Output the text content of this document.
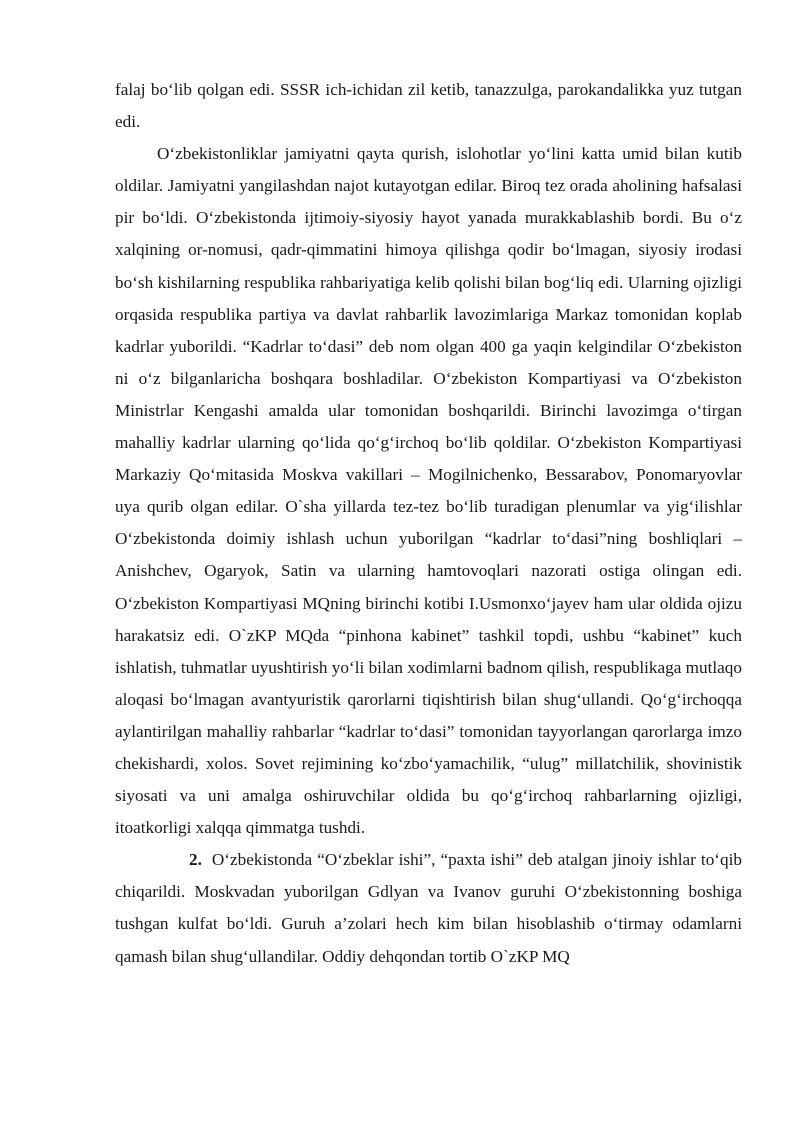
falaj bo‘lib qolgan edi. SSSR ich-ichidan zil ketib, tanazzulga, parokandalikka yuz tutgan edi.

O‘zbekistonliklar jamiyatni qayta qurish, islohotlar yo‘lini katta umid bilan kutib oldilar. Jamiyatni yangilashdan najot kutayotgan edilar. Biroq tez orada aholining hafsalasi pir bo‘ldi. O‘zbekistonda ijtimoiy-siyosiy hayot yanada murakkablashib bordi. Bu o‘z xalqining or-nomusi, qadr-qimmatini himoya qilishga qodir bo‘lmagan, siyosiy irodasi bo‘sh kishilarning respublika rahbariyatiga kelib qolishi bilan bog‘liq edi. Ularning ojizligi orqasida respublika partiya va davlat rahbarlik lavozimlariga Markaz tomonidan koplab kadrlar yuborildi. “Kadrlar to‘dasi” deb nom olgan 400 ga yaqin kelgindilar O‘zbekiston ni o‘z bilganlaricha boshqara boshladilar. O‘zbekiston Kompartiyasi va O‘zbekiston Ministrlar Kengashi amalda ular tomonidan boshqarildi. Birinchi lavozimga o‘tirgan mahalliy kadrlar ularning qo‘lida qo‘g‘irchoq bo‘lib qoldilar. O‘zbekiston Kompartiyasi Markaziy Qo‘mitasida Moskva vakillari – Mogilnichenko, Bessarabov, Ponomaryovlar uya qurib olgan edilar. O`sha yillarda tez-tez bo‘lib turadigan plenumlar va yig‘ilishlar O‘zbekistonda doimiy ishlash uchun yuborilgan “kadrlar to‘dasi”ning boshliqlari – Anishchev, Ogaryok, Satin va ularning hamtovoqlari nazorati ostiga olingan edi. O‘zbekiston Kompartiyasi MQning birinchi kotibi I.Usmonxo‘jayev ham ular oldida ojizu harakatsiz edi. O`zKP MQda “pinhona kabinet” tashkil topdi, ushbu “kabinet” kuch ishlatish, tuhmatlar uyushtirish yo‘li bilan xodimlarni badnom qilish, respublikaga mutlaqo aloqasi bo‘lmagan avantyuristik qarorlarni tiqishtirish bilan shug‘ullandi. Qo‘g‘irchoqqa aylantirilgan mahalliy rahbarlar “kadrlar to‘dasi” tomonidan tayyorlangan qarorlarga imzo chekishardi, xolos. Sovet rejimining ko‘zbo‘yamachilik, “ulug” millatchilik, shovinistik siyosati va uni amalga oshiruvchilar oldida bu qo‘g‘irchoq rahbarlarning ojizligi, itoatkorligi xalqqa qimmatga tushdi.

2. O‘zbekistonda “O‘zbeklar ishi”, “paxta ishi” deb atalgan jinoiy ishlar to‘qib chiqarildi. Moskvadan yuborilgan Gdlyan va Ivanov guruhi O‘zbekistonning boshiga tushgan kulfat bo‘ldi. Guruh a’zolari hech kim bilan hisoblashib o‘tirmay odamlarni qamash bilan shug‘ullandilar. Oddiy dehqondan tortib O`zKP MQ
